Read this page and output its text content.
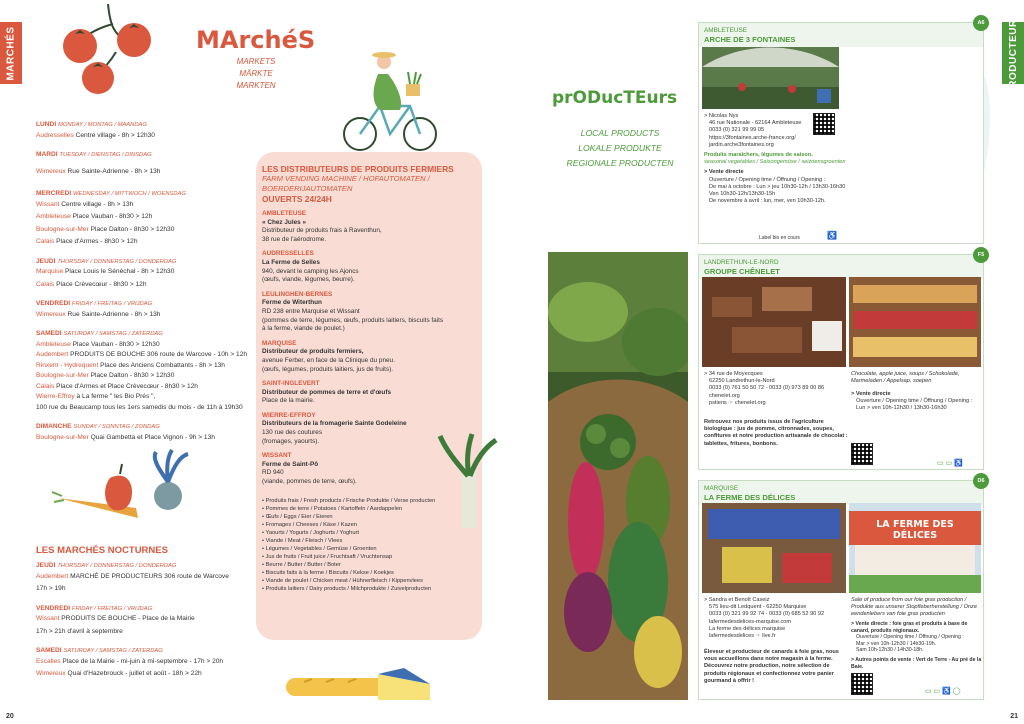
MARCHÉS	PRODUCTEURS
MArchéS
MARKETS
MÄRKTE
MARKTEN
LUNDI MONDAY / MONTAG / MAANDAG
Audresselles Centre village - 8h > 12h30
MARDI TUESDAY / DIENSTAG / DINSDAG
Wimereux Rue Sainte-Adrienne - 8h > 13h
MERCREDI WEDNESDAY / MITTWOCH / WOENSDAG
Wissant Centre village - 8h > 13h
Ambleteuse Place Vauban - 8h30 > 12h
Boulogne-sur-Mer Place Dalton - 8h30 > 12h30
Calais Place d'Armes - 8h30 > 12h
JEUDI THURSDAY / DONNERSTAG / DONDERDAG
Marquise Place Louis le Sénéchal - 8h > 12h30
Calais Place Crèvecœur - 8h30 > 12h
VENDREDI FRIDAY / FREITAG / VRIJDAG
Wimereux Rue Sainte-Adrienne - 8h > 13h
SAMEDI SATURDAY / SAMSTAG / ZATERDAG
Ambleteuse Place Vauban - 8h30 > 12h30
Audembert PRODUITS DE BOUCHE 306 route de Warcove - 10h > 12h
Rinxent - Hydrequent Place des Anciens Combattants - 8h > 13h
Boulogne-sur-Mer Place Dalton - 8h30 > 12h30
Calais Place d'Armes et Place Crèvecœur - 8h30 > 12h
Wierre-Effroy à La ferme " les Bio Prés ",
100 rue du Beaucamp tous les 1ers samedis du mois - de 11h à 19h30
DIMANCHE SUNDAY / SONNTAG / ZONDAG
Boulogne-sur-Mer Quai Gambetta et Place Vignon - 9h > 13h
LES MARCHÉS NOCTURNES
JEUDI THURSDAY / DONNERSTAG / DONDERDAG
Audembert MARCHÉ DE PRODUCTEURS 306 route de Warcove
17h > 19h
VENDREDI FRIDAY / FREITAG / VRIJDAG
Wissant PRODUITS DE BOUCHE - Place de la Mairie
17h > 21h d'avril à septembre
SAMEDI SATURDAY / SAMSTAG / ZATERDAG
Escalles Place de la Mairie - mi-juin à mi-septembre - 17h > 20h
Wimereux Quai d'Hazebrouck - juillet et août - 18h > 22h
LES DISTRIBUTEURS DE PRODUITS FERMIERS
FARM VENDING MACHINE / HOFAUTOMATEN / BOERDERIJAUTOMATEN
OUVERTS 24/24H
AMBLETEUSE
« Chez Jules »
Distributeur de produits frais à Raventhun,
38 rue de l'aérodrome.
AUDRESSELLES
La Ferme de Selles
940, devant le camping les Ajoncs
(œufs, viande, légumes, beurre).
LEULINGHEN-BERNES
Ferme de Witerthun
RD 238 entre Marquise et Wissant
(pommes de terre, légumes, œufs, produits laitiers, biscuits faits
à la ferme, viande de poulet.)
MARQUISE
Distributeur de produits fermiers,
avenue Ferber, en face de la Clinique du pneu.
(œufs, légumes, produits laitiers, jus de fruits).
SAINT-INGLEVERT
Distributeur de pommes de terre et d'œufs
Place de la mairie.
WIERRE-EFFROY
Distributeurs de la fromagerie Sainte Godeleine
130 rue des coutures
(fromages, yaourts).
WISSANT
Ferme de Saint-Pô
RD 940
(viande, pommes de terre, œufs).
• Produits frais / Fresh products / Frische Produkte / Verse producten
• Pommes de terre / Potatoes / Kartoffeln / Aardappelen
• Œufs / Eggs / Eier / Eieren
• Fromages / Cheeses / Käse / Kazen
• Yaourts / Yogurts / Joghurts / Yoghurt
• Viande / Meat / Fleisch / Vlees
• Légumes / Vegetables / Gemüse / Groenten
• Jus de fruits / Fruit juice / Fruchtsaft / Vruchtensap
• Beurre / Butter / Butter / Boter
• Biscuits faits à la ferme / Biscuits / Kekse / Koekjes
• Viande de poulet / Chicken meat / Hühnerfleisch / Kippenvlees
• Produits laitiers / Dairy products / Milchprodukte / Zuivelproducten
prODucTEurs
LOCAL PRODUCTS
LOKALE PRODUKTE
REGIONALE PRODUCTEN
A6
AMBLETEUSE
ARCHE DE 3 FONTAINES
> Nicolas Nys
46 rue Nationale - 62164 Ambleteuse
0033 (0) 321 99 99 05
https://3fontaines.arche-france.org/
jardin.arche3fontaines.org
Produits maraîchers, légumes de saison.
seasonal vegetables / Saisongemüse / seizoensgroenten
> Vente directe
Ouverture / Opening time / Öffnung / Opening :
De mai à octobre : Lun > jeu 10h30-12h / 13h30-16h30
Ven 10h30-12h/13h30-15h
De novembre à avril : lun, mer, ven 10h30-12h.
Label bio en cours	♿
F5
LANDRETHUN-LE-NORD
GROUPE CHÊNELET
> 34 rue de Moyecques
62250 Landrethun-le-Nord
0033 (0) 761 50 50 72 - 0033 (0) 973 89 00 86
chenelet.org
pstiens ☞ chenelet.org
Chocolate, apple juice, soups / Schokolade, Marmeladen / Appelsap, soepen
> Vente directe
Ouverture / Opening time / Öffnung / Opening :
Lun > ven 10h-12h30 / 13h30-16h30
Retrouvez nos produits issus de l'agriculture biologique : jus de pomme, citronnades, soupes, confitures et notre production artisanale de chocolat : tablettes, fritures, bonbons.
▭ ▭ ♿
D6
MARQUISE
LA FERME DES DÉLICES
LA FERME DES DÉLICES
> Sandra et Benoît Caseiz
575 lieu-dit Ledquent - 62250 Marquise
0033 (0) 321 99 92 74 - 0033 (0) 685 52 90 92
lafermedesdelices-marquise.com
La ferme des délices marquise
lafermedesdelices ☞ live.fr
Sale of produce from our foie gras production / Produkte aus unserer Stopfleberherstellung / Onze eendenlebers van foie gras producten
> Vente directe : foie gras et produits à base de canard, produits régionaux.
Ouverture / Opening time / Öffnung / Opening :
Mar > ven 10h-12h30 / 14h30-19h.
Sam 10h-12h30 / 14h30-18h.
> Autres points de vente : Vert de Terre - Au pré de la Baie.
Éleveur et producteur de canards à foie gras, nous vous accueillons dans notre magasin à la ferme. Découvrez notre production, notre sélection de produits régionaux et confectionnez votre panier gourmand à offrir !
▭ ▭ ♿ ◯
20	21
